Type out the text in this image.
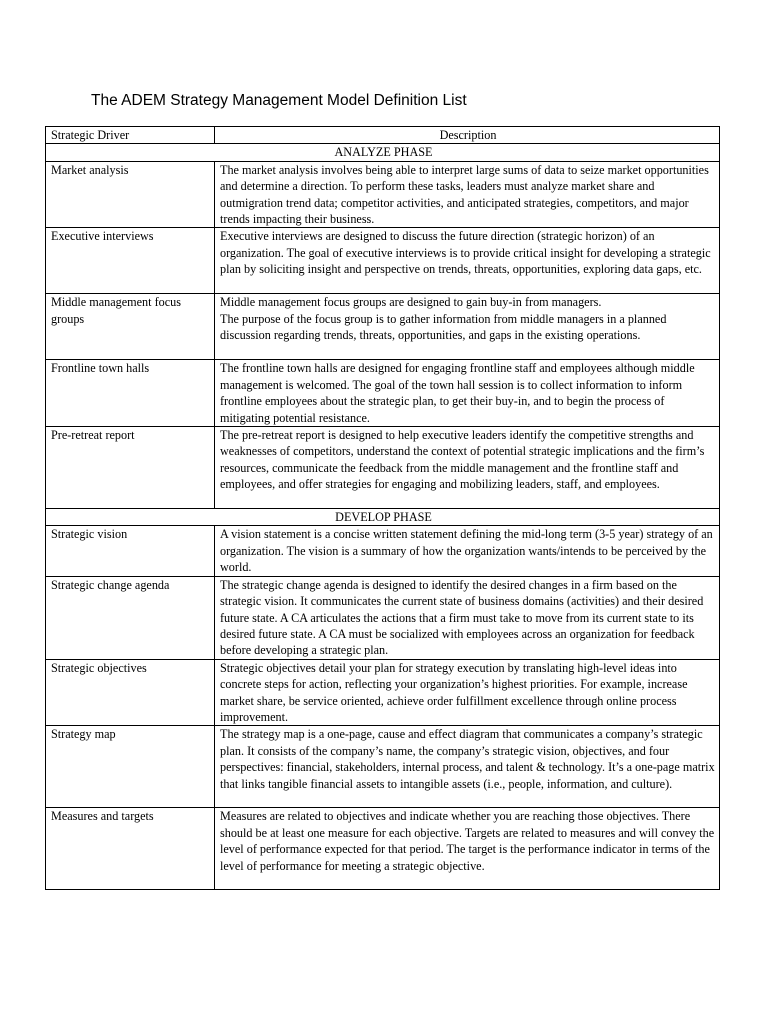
The ADEM Strategy Management Model Definition List
Strategic Driver	Description
ANALYZE PHASE	
Market analysis	The market analysis involves being able to interpret large sums of data to seize market opportunities and determine a direction. To perform these tasks, leaders must analyze market share and outmigration trend data; competitor activities, and anticipated strategies, competitors, and major trends impacting their business.
Executive interviews	Executive interviews are designed to discuss the future direction (strategic horizon) of an organization. The goal of executive interviews is to provide critical insight for developing a strategic plan by soliciting insight and perspective on trends, threats, opportunities, exploring data gaps, etc.
Middle management focus groups	Middle management focus groups are designed to gain buy-in from managers.
The purpose of the focus group is to gather information from middle managers in a planned discussion regarding trends, threats, opportunities, and gaps in the existing operations.

Frontline town halls	The frontline town halls are designed for engaging frontline staff and employees although middle management is welcomed. The goal of the town hall session is to collect information to inform frontline employees about the strategic plan, to get their buy-in, and to begin the process of mitigating potential resistance.
Pre-retreat report	The pre-retreat report is designed to help executive leaders identify the competitive strengths and weaknesses of competitors, understand the context of potential strategic implications and the firm’s resources, communicate the feedback from the middle management and the frontline staff and employees, and offer strategies for engaging and mobilizing leaders, staff, and employees.
DEVELOP PHASE	
Strategic vision	A vision statement is a concise written statement defining the mid-long term (3-5 year) strategy of an organization. The vision is a summary of how the organization wants/intends to be perceived by the world.
Strategic change agenda	The strategic change agenda is designed to identify the desired changes in a firm based on the strategic vision. It communicates the current state of business domains (activities) and their desired future state. A CA articulates the actions that a firm must take to move from its current state to its desired future state. A CA must be socialized with employees across an organization for feedback before developing a strategic plan.
Strategic objectives	Strategic objectives detail your plan for strategy execution by translating high-level ideas into concrete steps for action, reflecting your organization’s highest priorities. For example, increase market share, be service oriented, achieve order fulfillment excellence through online process improvement.
Strategy map	The strategy map is a one-page, cause and effect diagram that communicates a company’s strategic plan. It consists of the company’s name, the company’s strategic vision, objectives, and four perspectives: financial, stakeholders, internal process, and talent & technology. It’s a one-page matrix that links tangible financial assets to intangible assets (i.e., people, information, and culture).
Measures and targets	Measures are related to objectives and indicate whether you are reaching those objectives. There should be at least one measure for each objective. Targets are related to measures and will convey the level of performance expected for that period. The target is the performance indicator in terms of the level of performance for meeting a strategic objective.
